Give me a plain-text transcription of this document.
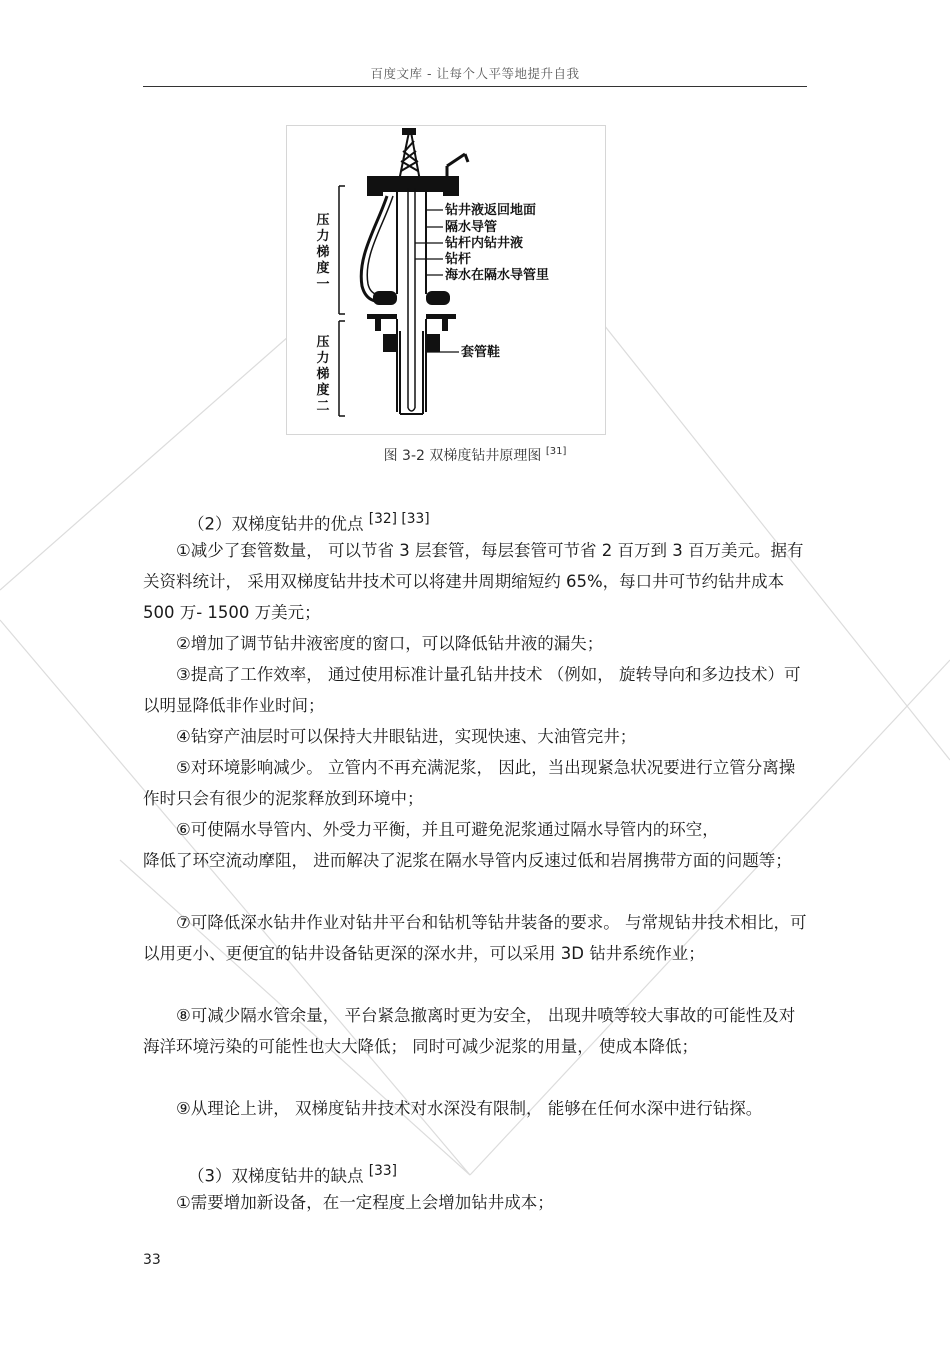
百度文库 - 让每个人平等地提升自我
钻井液返回地面
隔水导管
钻杆内钻井液
钻杆
海水在隔水导管里
套管鞋
压
力
梯
度
一
压
力
梯
度
二
图 3-2 双梯度钻井原理图 [31]
（2）双梯度钻井的优点 [32] [33]
①减少了套管数量， 可以节省 3 层套管，每层套管可节省 2 百万到 3 百万美元。据有关资料统计， 采用双梯度钻井技术可以将建井周期缩短约 65%，每口井可节约钻井成本 500 万- 1500 万美元；
②增加了调节钻井液密度的窗口，可以降低钻井液的漏失；
③提高了工作效率， 通过使用标准计量孔钻井技术 （例如， 旋转导向和多边技术）可以明显降低非作业时间；
④钻穿产油层时可以保持大井眼钻进，实现快速、大油管完井；
⑤对环境影响减少。 立管内不再充满泥浆， 因此，当出现紧急状况要进行立管分离操作时只会有很少的泥浆释放到环境中；
⑥可使隔水导管内、外受力平衡，并且可避免泥浆通过隔水导管内的环空，
降低了环空流动摩阻， 进而解决了泥浆在隔水导管内反速过低和岩屑携带方面的问题等；
⑦可降低深水钻井作业对钻井平台和钻机等钻井装备的要求。 与常规钻井技术相比，可以用更小、更便宜的钻井设备钻更深的深水井，可以采用 3D 钻井系统作业；
⑧可减少隔水管余量， 平台紧急撤离时更为安全， 出现井喷等较大事故的可能性及对海洋环境污染的可能性也大大降低； 同时可减少泥浆的用量， 使成本降低；
⑨从理论上讲， 双梯度钻井技术对水深没有限制， 能够在任何水深中进行钻探。
（3）双梯度钻井的缺点 [33]
①需要增加新设备，在一定程度上会增加钻井成本；
33
